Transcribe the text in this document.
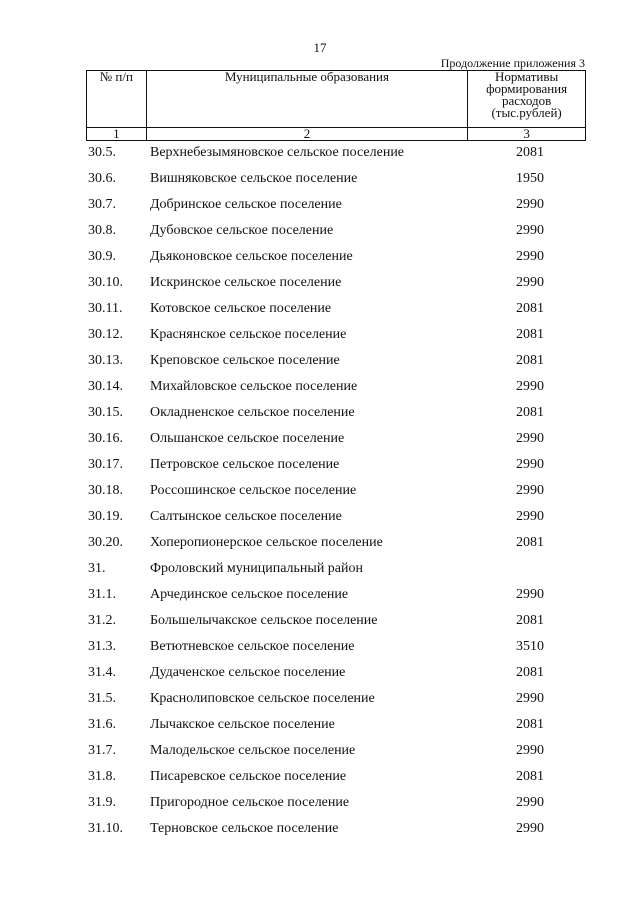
17
Продолжение приложения 3
№ п/п	Муниципальные образования	Нормативы формирования расходов (тыс.рублей)
1	2	3
30.5. Верхнебезымяновское сельское поселение	2081
30.6. Вишняковское сельское поселение	1950
30.7. Добринское сельское поселение	2990
30.8. Дубовское сельское поселение	2990
30.9. Дьяконовское сельское поселение	2990
30.10. Искринское сельское поселение	2990
30.11. Котовское сельское поселение	2081
30.12. Краснянское сельское поселение	2081
30.13. Креповское сельское поселение	2081
30.14. Михайловское сельское поселение	2990
30.15. Окладненское сельское поселение	2081
30.16. Ольшанское сельское поселение	2990
30.17. Петровское сельское поселение	2990
30.18. Россошинское сельское поселение	2990
30.19. Салтынское сельское поселение	2990
30.20. Хоперопионерское сельское поселение	2081
31.	Фроловский муниципальный район
31.1. Арчединское сельское поселение	2990
31.2. Большелычакское сельское поселение	2081
31.3. Ветютневское сельское поселение	3510
31.4. Дудаченское сельское поселение	2081
31.5. Краснолиповское сельское поселение	2990
31.6. Лычакское сельское поселение	2081
31.7. Малодельское сельское поселение	2990
31.8. Писаревское сельское поселение	2081
31.9. Пригородное сельское поселение	2990
31.10. Терновское сельское поселение	2990
